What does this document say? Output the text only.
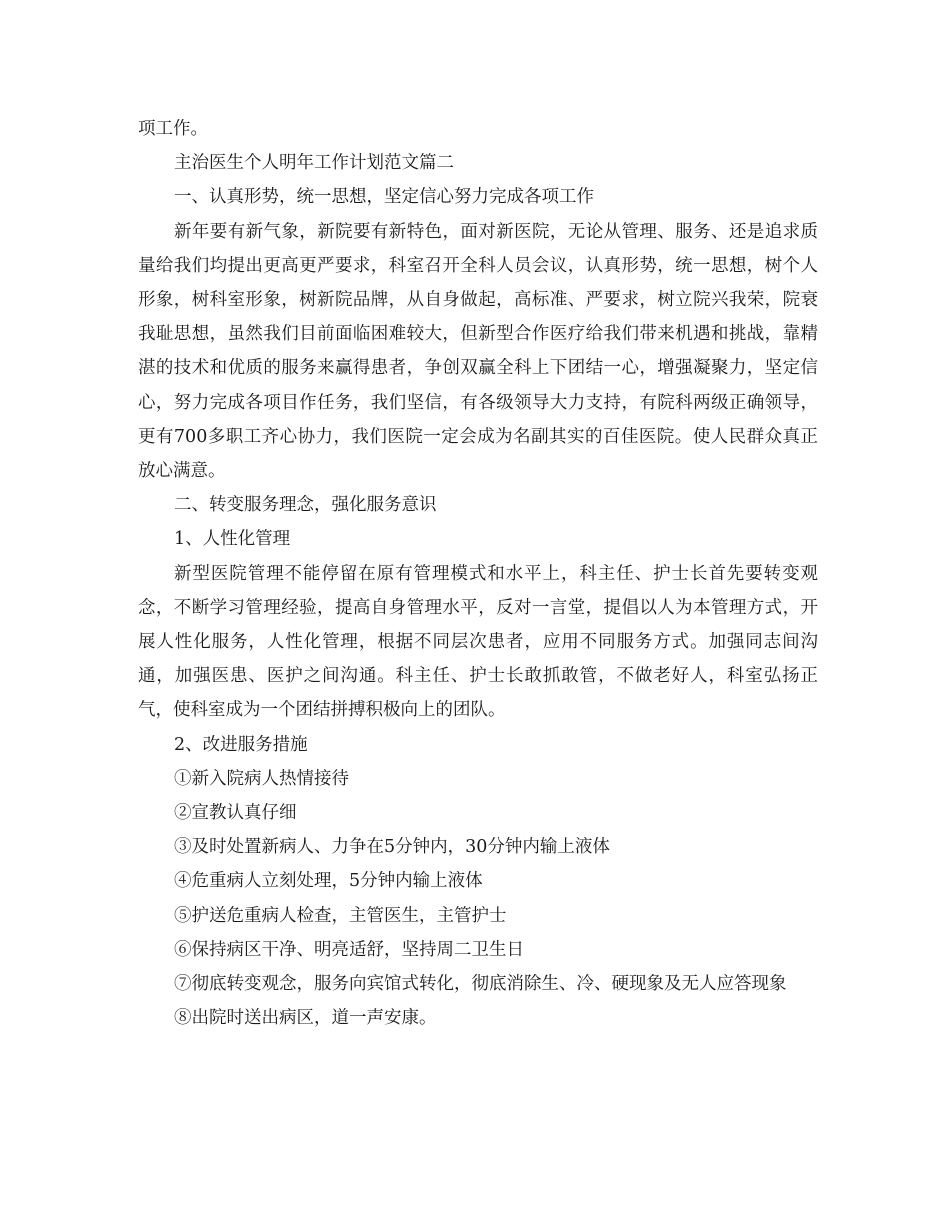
项工作。

主治医生个人明年工作计划范文篇二

一、认真形势，统一思想，坚定信心努力完成各项工作

新年要有新气象，新院要有新特色，面对新医院，无论从管理、服务、还是追求质量给我们均提出更高更严要求，科室召开全科人员会议，认真形势，统一思想，树个人形象，树科室形象，树新院品牌，从自身做起，高标准、严要求，树立院兴我荣，院衰我耻思想，虽然我们目前面临困难较大，但新型合作医疗给我们带来机遇和挑战，靠精湛的技术和优质的服务来赢得患者，争创双赢全科上下团结一心，增强凝聚力，坚定信心，努力完成各项目作任务，我们坚信，有各级领导大力支持，有院科两级正确领导，更有700多职工齐心协力，我们医院一定会成为名副其实的百佳医院。使人民群众真正放心满意。

二、转变服务理念，强化服务意识

1、人性化管理

新型医院管理不能停留在原有管理模式和水平上，科主任、护士长首先要转变观念，不断学习管理经验，提高自身管理水平，反对一言堂，提倡以人为本管理方式，开展人性化服务，人性化管理，根据不同层次患者，应用不同服务方式。加强同志间沟通，加强医患、医护之间沟通。科主任、护士长敢抓敢管，不做老好人，科室弘扬正气，使科室成为一个团结拼搏积极向上的团队。

2、改进服务措施

①新入院病人热情接待

②宣教认真仔细

③及时处置新病人、力争在5分钟内，30分钟内输上液体

④危重病人立刻处理，5分钟内输上液体

⑤护送危重病人检查，主管医生，主管护士

⑥保持病区干净、明亮适舒，坚持周二卫生日

⑦彻底转变观念，服务向宾馆式转化，彻底消除生、冷、硬现象及无人应答现象

⑧出院时送出病区，道一声安康。
